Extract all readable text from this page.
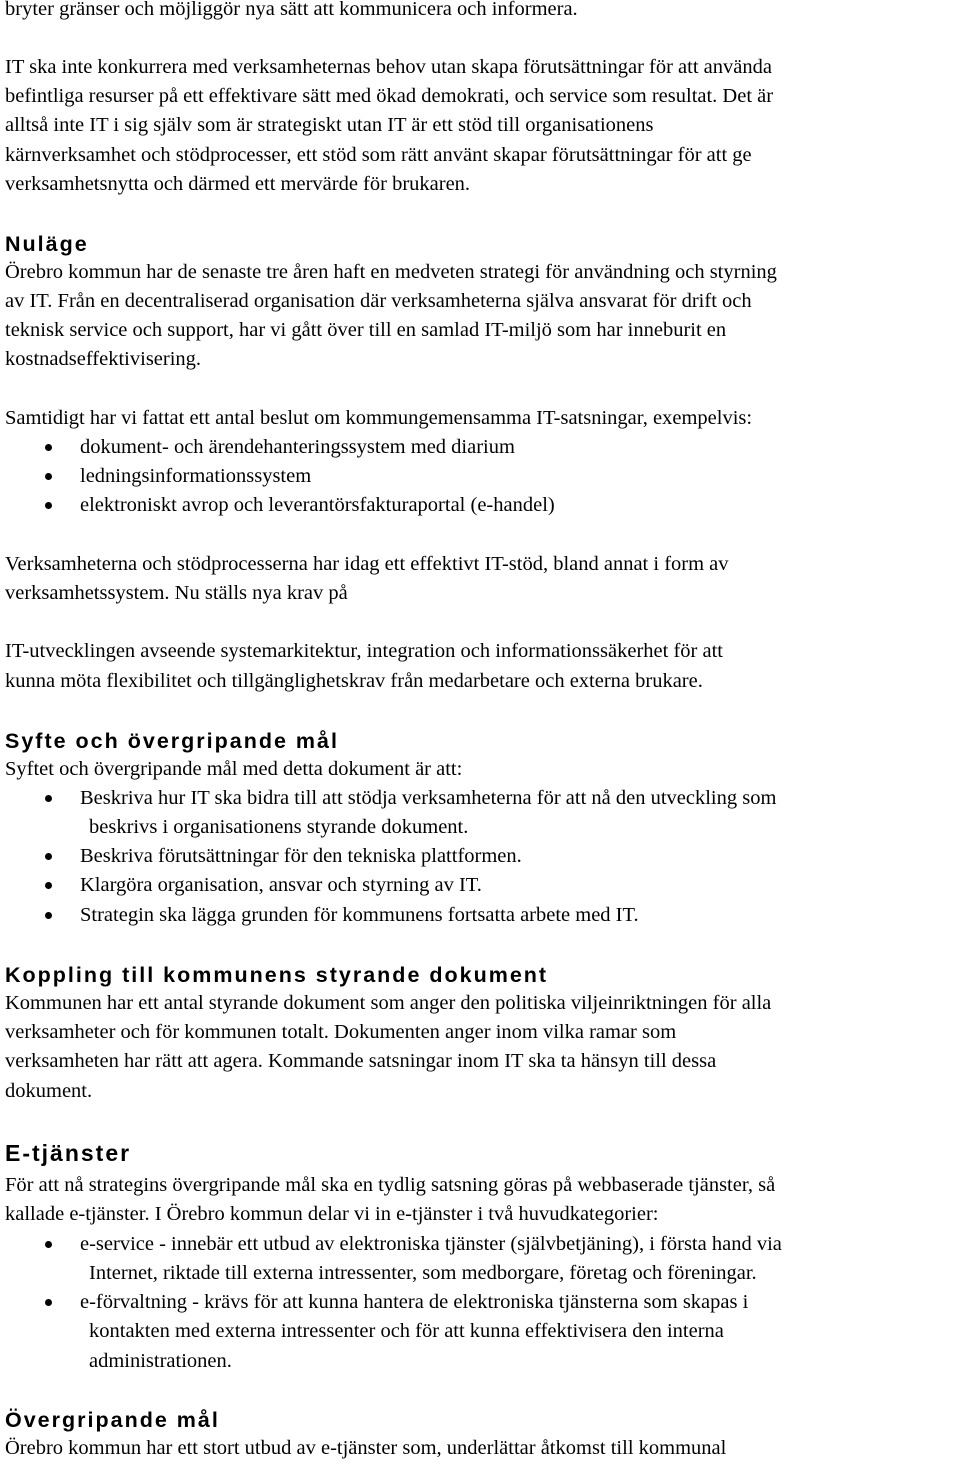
bryter gränser och möjliggör nya sätt att kommunicera och informera.

IT ska inte konkurrera med verksamheternas behov utan skapa förutsättningar för att använda

befintliga resurser på ett effektivare sätt med ökad demokrati, och service som resultat. Det är

alltså inte IT i sig själv som är strategiskt utan IT är ett stöd till organisationens

kärnverksamhet och stödprocesser, ett stöd som rätt använt skapar förutsättningar för att ge

verksamhetsnytta och därmed ett mervärde för brukaren.

Nuläge

Örebro kommun har de senaste tre åren haft en medveten strategi för användning och styrning

av IT. Från en decentraliserad organisation där verksamheterna själva ansvarat för drift och

teknisk service och support, har vi gått över till en samlad IT-miljö som har inneburit en

kostnadseffektivisering.

Samtidigt har vi fattat ett antal beslut om kommungemensamma IT-satsningar, exempelvis:

dokument- och ärendehanteringssystem med diarium
ledningsinformationssystem
elektroniskt avrop och leverantörsfakturaportal (e-handel)

Verksamheterna och stödprocesserna har idag ett effektivt IT-stöd, bland annat i form av

verksamhetssystem. Nu ställs nya krav på

IT-utvecklingen avseende systemarkitektur, integration och informationssäkerhet för att

kunna möta flexibilitet och tillgänglighetskrav från medarbetare och externa brukare.

Syfte och övergripande mål

Syftet och övergripande mål med detta dokument är att:

Beskriva hur IT ska bidra till att stödja verksamheterna för att nå den utveckling som
beskrivs i organisationens styrande dokument.
Beskriva förutsättningar för den tekniska plattformen.
Klargöra organisation, ansvar och styrning av IT.
Strategin ska lägga grunden för kommunens fortsatta arbete med IT.
Koppling till kommunens styrande dokument

Kommunen har ett antal styrande dokument som anger den politiska viljeinriktningen för alla

verksamheter och för kommunen totalt. Dokumenten anger inom vilka ramar som

verksamheten har rätt att agera. Kommande satsningar inom IT ska ta hänsyn till dessa

dokument.

E-tjänster

För att nå strategins övergripande mål ska en tydlig satsning göras på webbaserade tjänster, så

kallade e-tjänster. I Örebro kommun delar vi in e-tjänster i två huvudkategorier:

e-service - innebär ett utbud av elektroniska tjänster (självbetjäning), i första hand via
Internet, riktade till externa intressenter, som medborgare, företag och föreningar.
e-förvaltning - krävs för att kunna hantera de elektroniska tjänsterna som skapas i
kontakten med externa intressenter och för att kunna effektivisera den interna
administrationen.
Övergripande mål

Örebro kommun har ett stort utbud av e-tjänster som, underlättar åtkomst till kommunal
